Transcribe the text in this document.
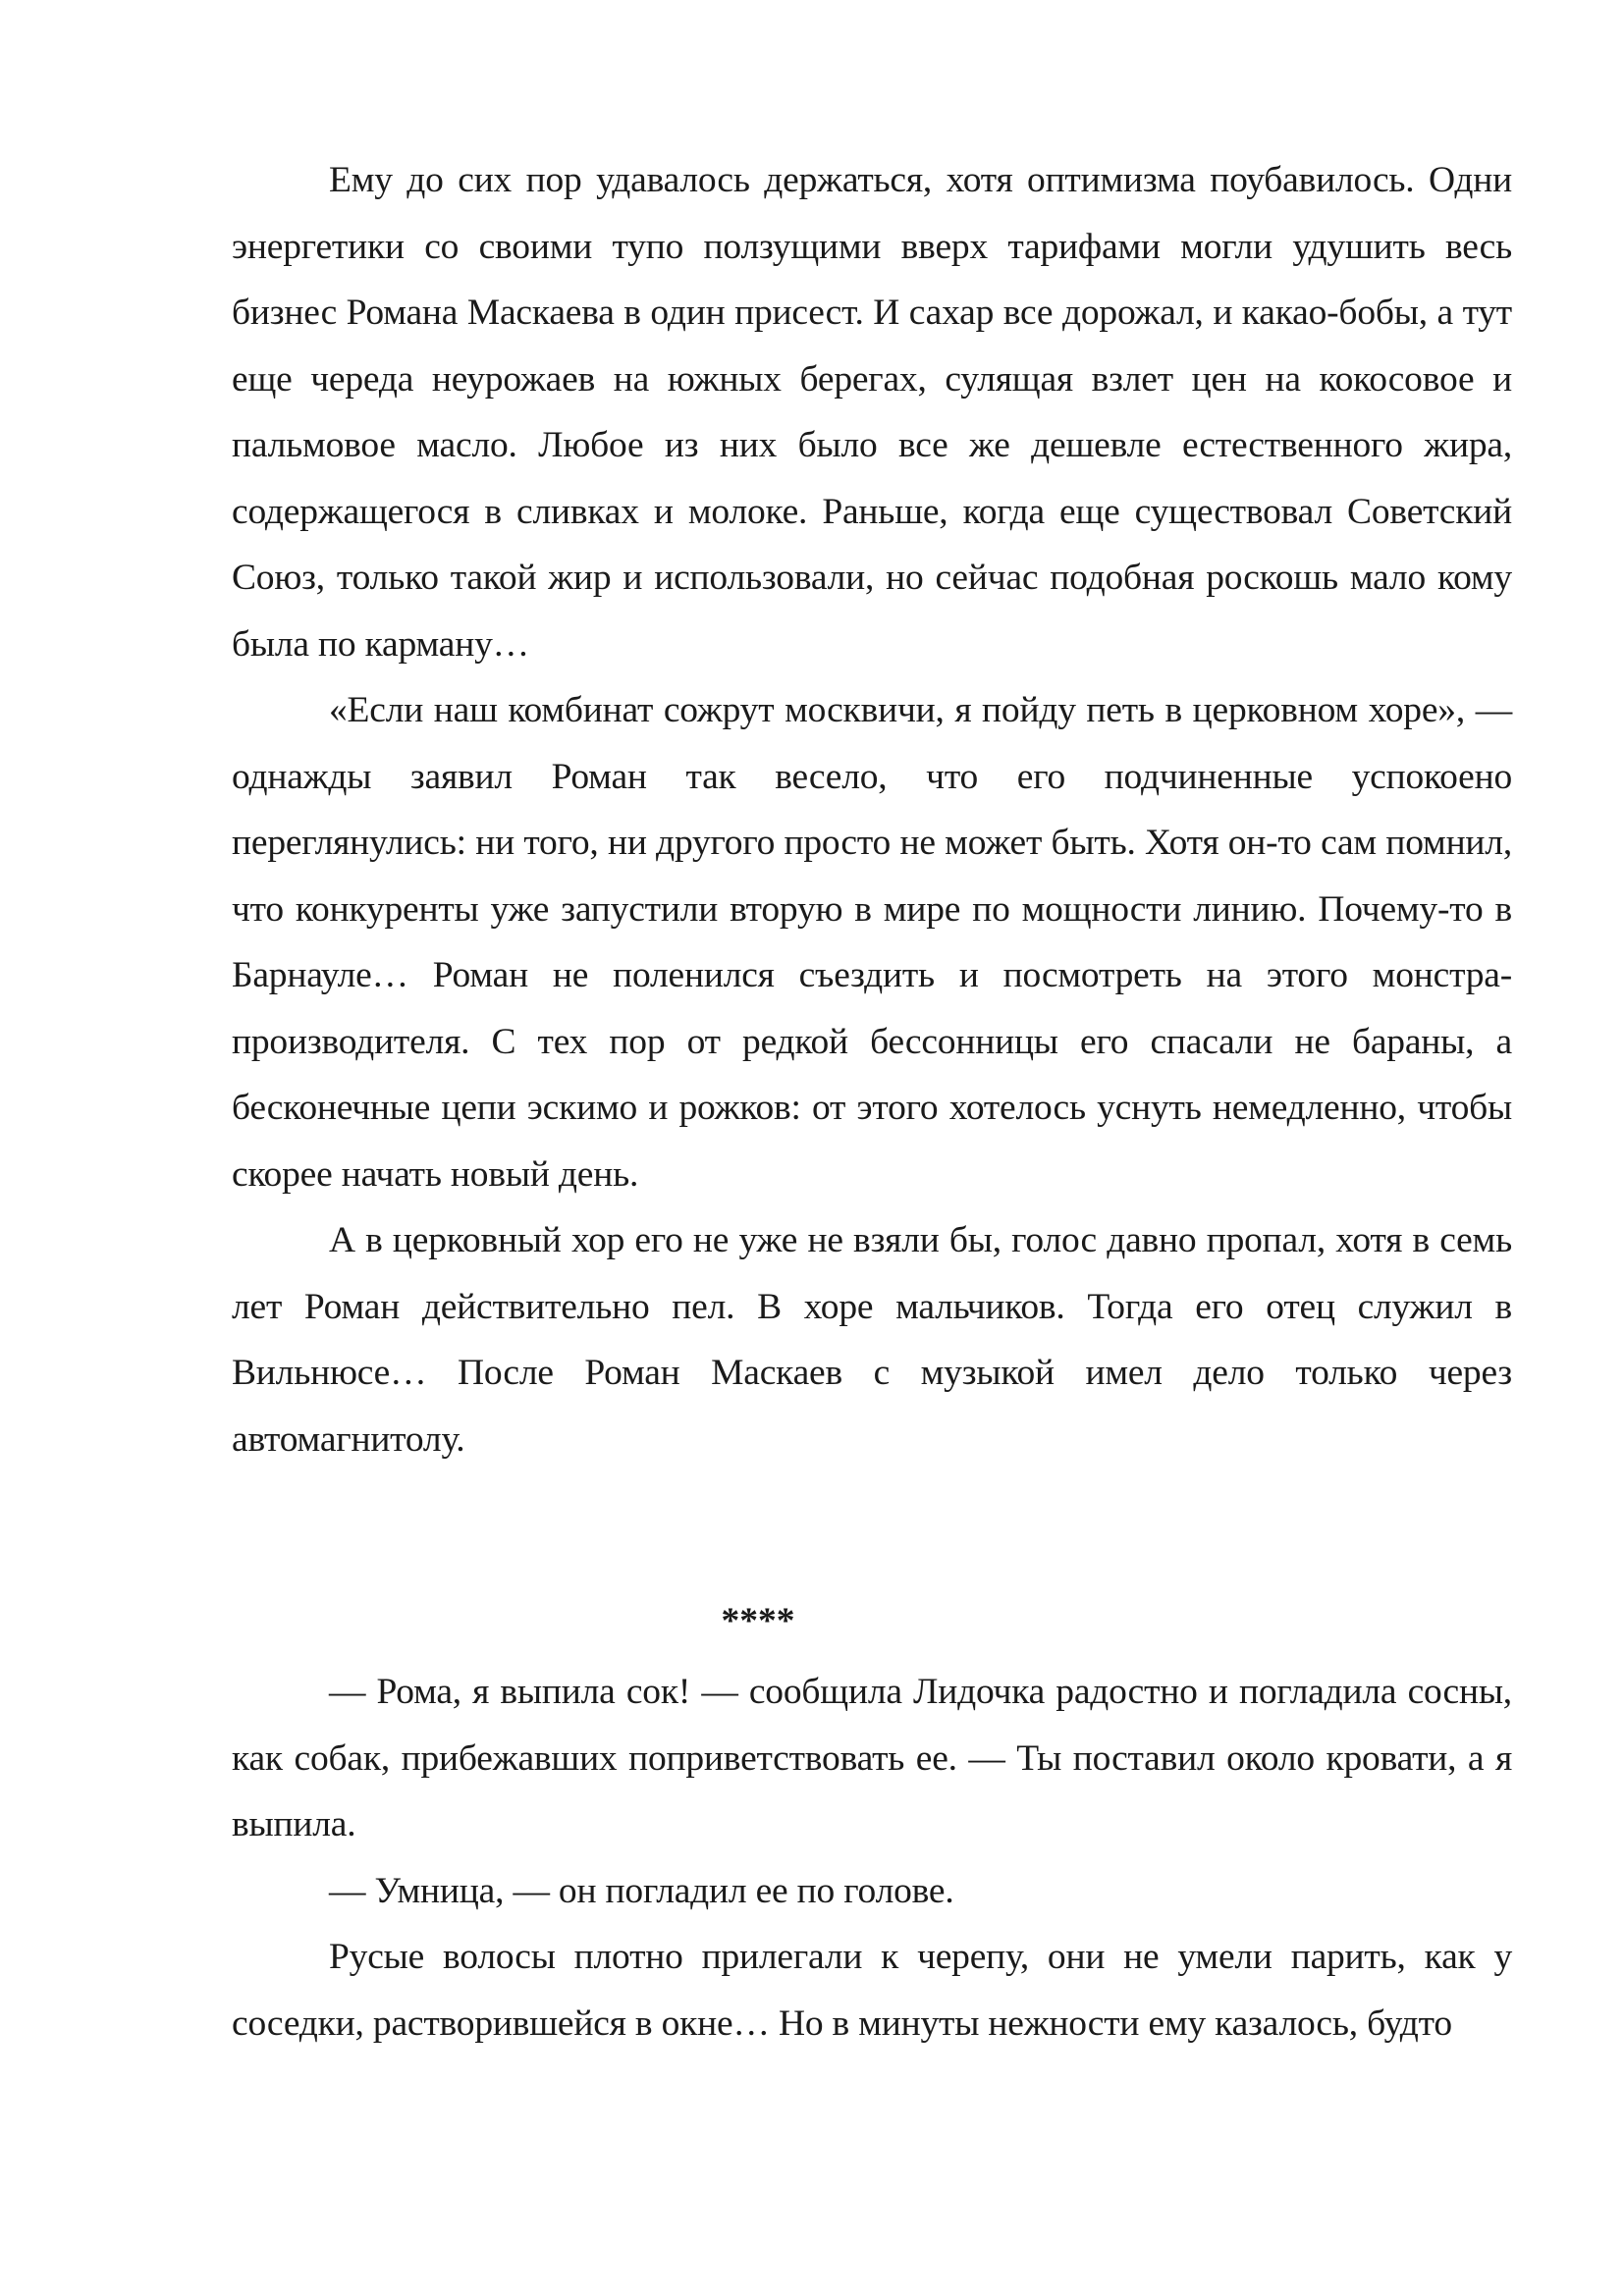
Ему до сих пор удавалось держаться, хотя оптимизма поубавилось. Одни энергетики со своими тупо ползущими вверх тарифами могли удушить весь бизнес Романа Маскаева в один присест. И сахар все дорожал, и какао-бобы, а тут еще череда неурожаев на южных берегах, сулящая взлет цен на кокосовое и пальмовое масло. Любое из них было все же дешевле естественного жира, содержащегося в сливках и молоке. Раньше, когда еще существовал Советский Союз, только такой жир и использовали, но сейчас подобная роскошь мало кому была по карману…

«Если наш комбинат сожрут москвичи, я пойду петь в церковном хоре», — однажды заявил Роман так весело, что его подчиненные успокоено переглянулись: ни того, ни другого просто не может быть. Хотя он-то сам помнил, что конкуренты уже запустили вторую в мире по мощности линию. Почему-то в Барнауле… Роман не поленился съездить и посмотреть на этого монстра-производителя. С тех пор от редкой бессонницы его спасали не бараны, а бесконечные цепи эскимо и рожков: от этого хотелось уснуть немедленно, чтобы скорее начать новый день.

А в церковный хор его не уже не взяли бы, голос давно пропал, хотя в семь лет Роман действительно пел. В хоре мальчиков. Тогда его отец служил в Вильнюсе… После Роман Маскаев с музыкой имел дело только через автомагнитолу.

****

— Рома, я выпила сок! — сообщила Лидочка радостно и погладила сосны, как собак, прибежавших поприветствовать ее. — Ты поставил около кровати, а я выпила.

— Умница, — он погладил ее по голове.

Русые волосы плотно прилегали к черепу, они не умели парить, как у соседки, растворившейся в окне… Но в минуты нежности ему казалось, будто
